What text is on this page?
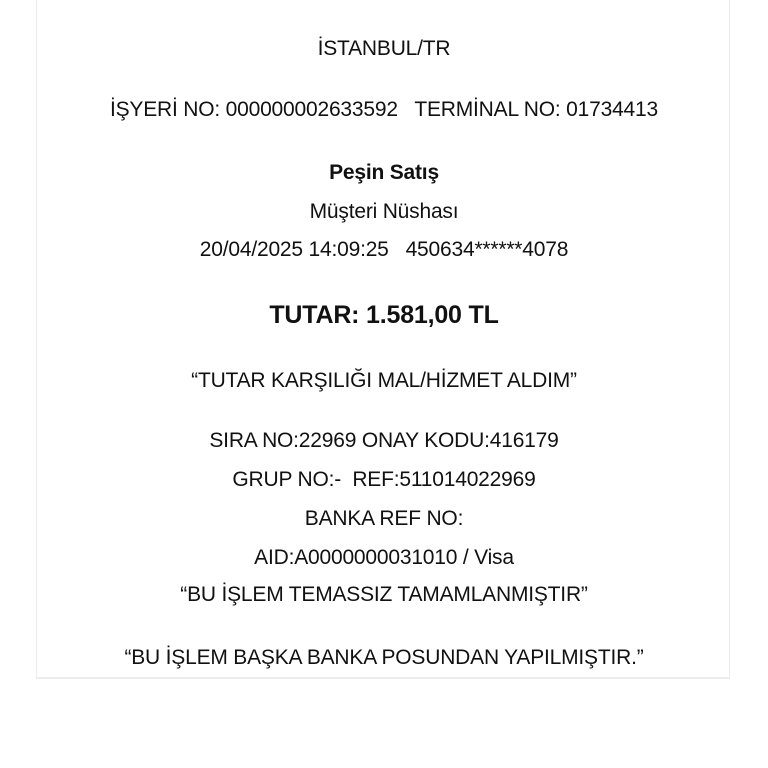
İSTANBUL/TR
İŞYERİ NO: 000000002633592   TERMİNAL NO: 01734413
Peşin Satış
Müşteri Nüshası
20/04/2025 14:09:25   450634******4078
TUTAR: 1.581,00 TL
“TUTAR KARŞILIĞI MAL/HİZMET ALDIM”
SIRA NO:22969 ONAY KODU:416179
GRUP NO:-  REF:511014022969
BANKA REF NO:
AID:A0000000031010 / Visa
“BU İŞLEM TEMASSIZ TAMAMLANMIŞTIR”
“BU İŞLEM BAŞKA BANKA POSUNDAN YAPILMIŞTIR.”
